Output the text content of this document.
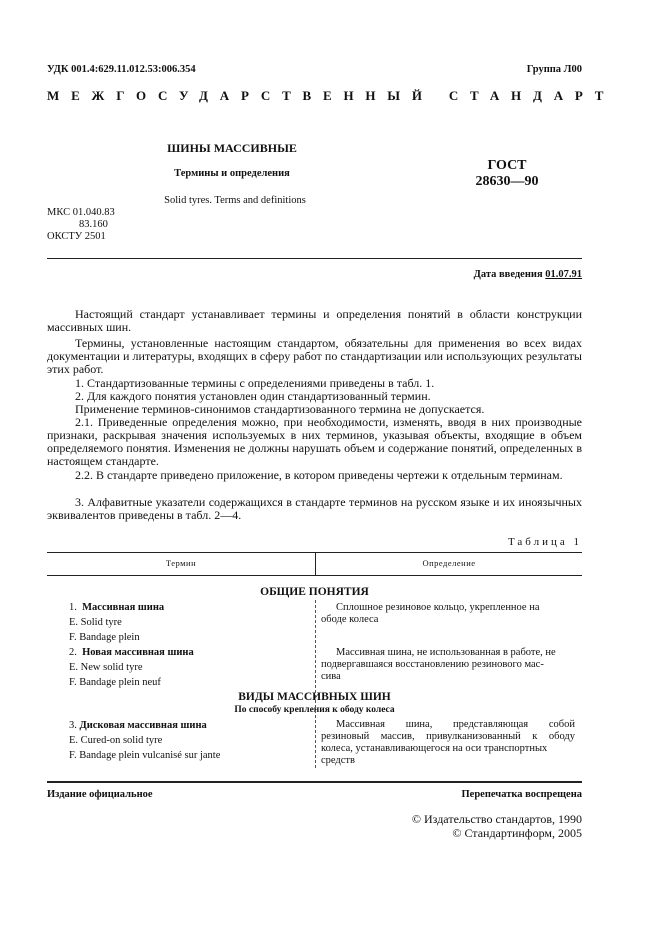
УДК 001.4:629.11.012.53:006.354	Группа Л00
МЕЖГОСУДАРСТВЕННЫЙ СТАНДАРТ
ШИНЫ МАССИВНЫЕ
Термины и определения
Solid tyres. Terms and definitions
ГОСТ
28630—90
МКС 01.040.83
83.160
ОКСТУ 2501
Дата введения 01.07.91
Настоящий стандарт устанавливает термины и определения понятий в области конструкции массивных шин.
Термины, установленные настоящим стандартом, обязательны для применения во всех видах документации и литературы, входящих в сферу работ по стандартизации или использующих результаты этих работ.
1. Стандартизованные термины с определениями приведены в табл. 1.
2. Для каждого понятия установлен один стандартизованный термин.
Применение терминов-синонимов стандартизованного термина не допускается.
2.1. Приведенные определения можно, при необходимости, изменять, вводя в них производные признаки, раскрывая значения используемых в них терминов, указывая объекты, входящие в объем определяемого понятия. Изменения не должны нарушать объем и содержание понятий, определенных в настоящем стандарте.
2.2. В стандарте приведено приложение, в котором приведены чертежи к отдельным терминам.
3. Алфавитные указатели содержащихся в стандарте терминов на русском языке и их иноязычных эквивалентов приведены в табл. 2—4.
Таблица 1
Термин	Определение
ОБЩИЕ ПОНЯТИЯ
1. Массивная шина
E. Solid tyre
F. Bandage plein
Сплошное резиновое кольцо, укрепленное на
ободе колеса
2. Новая массивная шина
E. New solid tyre
F. Bandage plein neuf
Массивная шина, не использованная в работе, не
подвергавшаяся восстановлению резинового мас-
сива
ВИДЫ МАССИВНЫХ ШИН
По способу крепления к ободу колеса
3. Дисковая массивная шина
E. Cured-on solid tyre
F. Bandage plein vulcanisé sur jante
Массивная шина, представляющая собой
резиновый массив, привулканизованный к ободу
колеса, устанавливающегося на оси транспортных
средств
Издание официальное	Перепечатка воспрещена
© Издательство стандартов, 1990
© Стандартинформ, 2005
